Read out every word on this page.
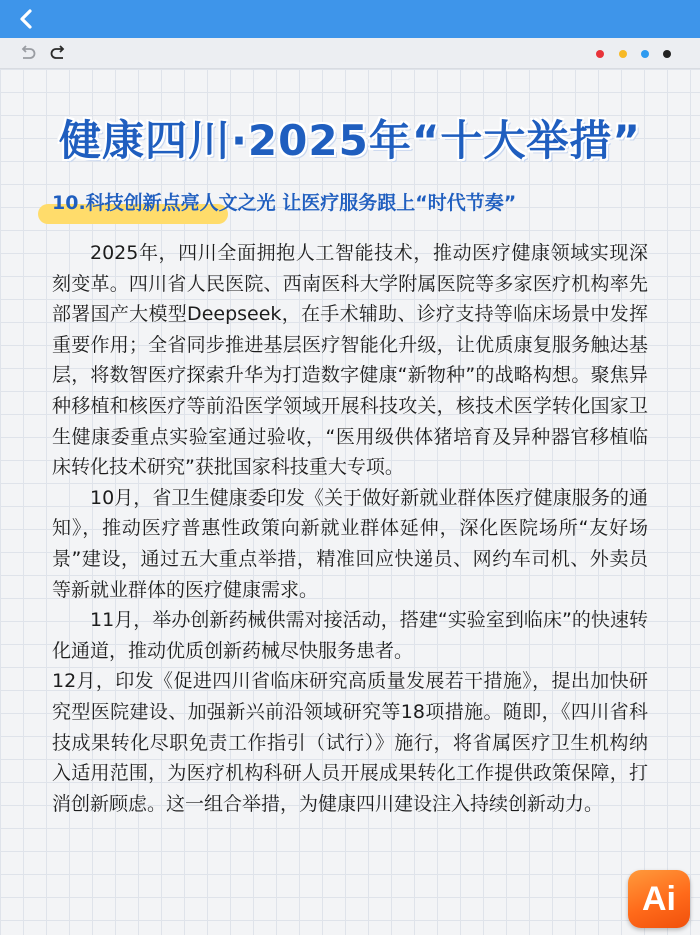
健康四川·2025年“十大举措”
10.科技创新点亮人文之光 让医疗服务跟上“时代节奏”

2025年，四川全面拥抱人工智能技术，推动医疗健康领域实现深刻变革。四川省人民医院、西南医科大学附属医院等多家医疗机构率先部署国产大模型Deepseek，在手术辅助、诊疗支持等临床场景中发挥重要作用；全省同步推进基层医疗智能化升级，让优质康复服务触达基层，将数智医疗探索升华为打造数字健康“新物种”的战略构想。聚焦异种移植和核医疗等前沿医学领域开展科技攻关，核技术医学转化国家卫生健康委重点实验室通过验收，“医用级供体猪培育及异种器官移植临床转化技术研究”获批国家科技重大专项。

10月，省卫生健康委印发《关于做好新就业群体医疗健康服务的通知》，推动医疗普惠性政策向新就业群体延伸，深化医院场所“友好场景”建设，通过五大重点举措，精准回应快递员、网约车司机、外卖员等新就业群体的医疗健康需求。

11月，举办创新药械供需对接活动，搭建“实验室到临床”的快速转化通道，推动优质创新药械尽快服务患者。

12月，印发《促进四川省临床研究高质量发展若干措施》，提出加快研究型医院建设、加强新兴前沿领域研究等18项措施。随即，《四川省科技成果转化尽职免责工作指引（试行）》施行，将省属医疗卫生机构纳入适用范围，为医疗机构科研人员开展成果转化工作提供政策保障，打消创新顾虑。这一组合举措，为健康四川建设注入持续创新动力。

Ai
